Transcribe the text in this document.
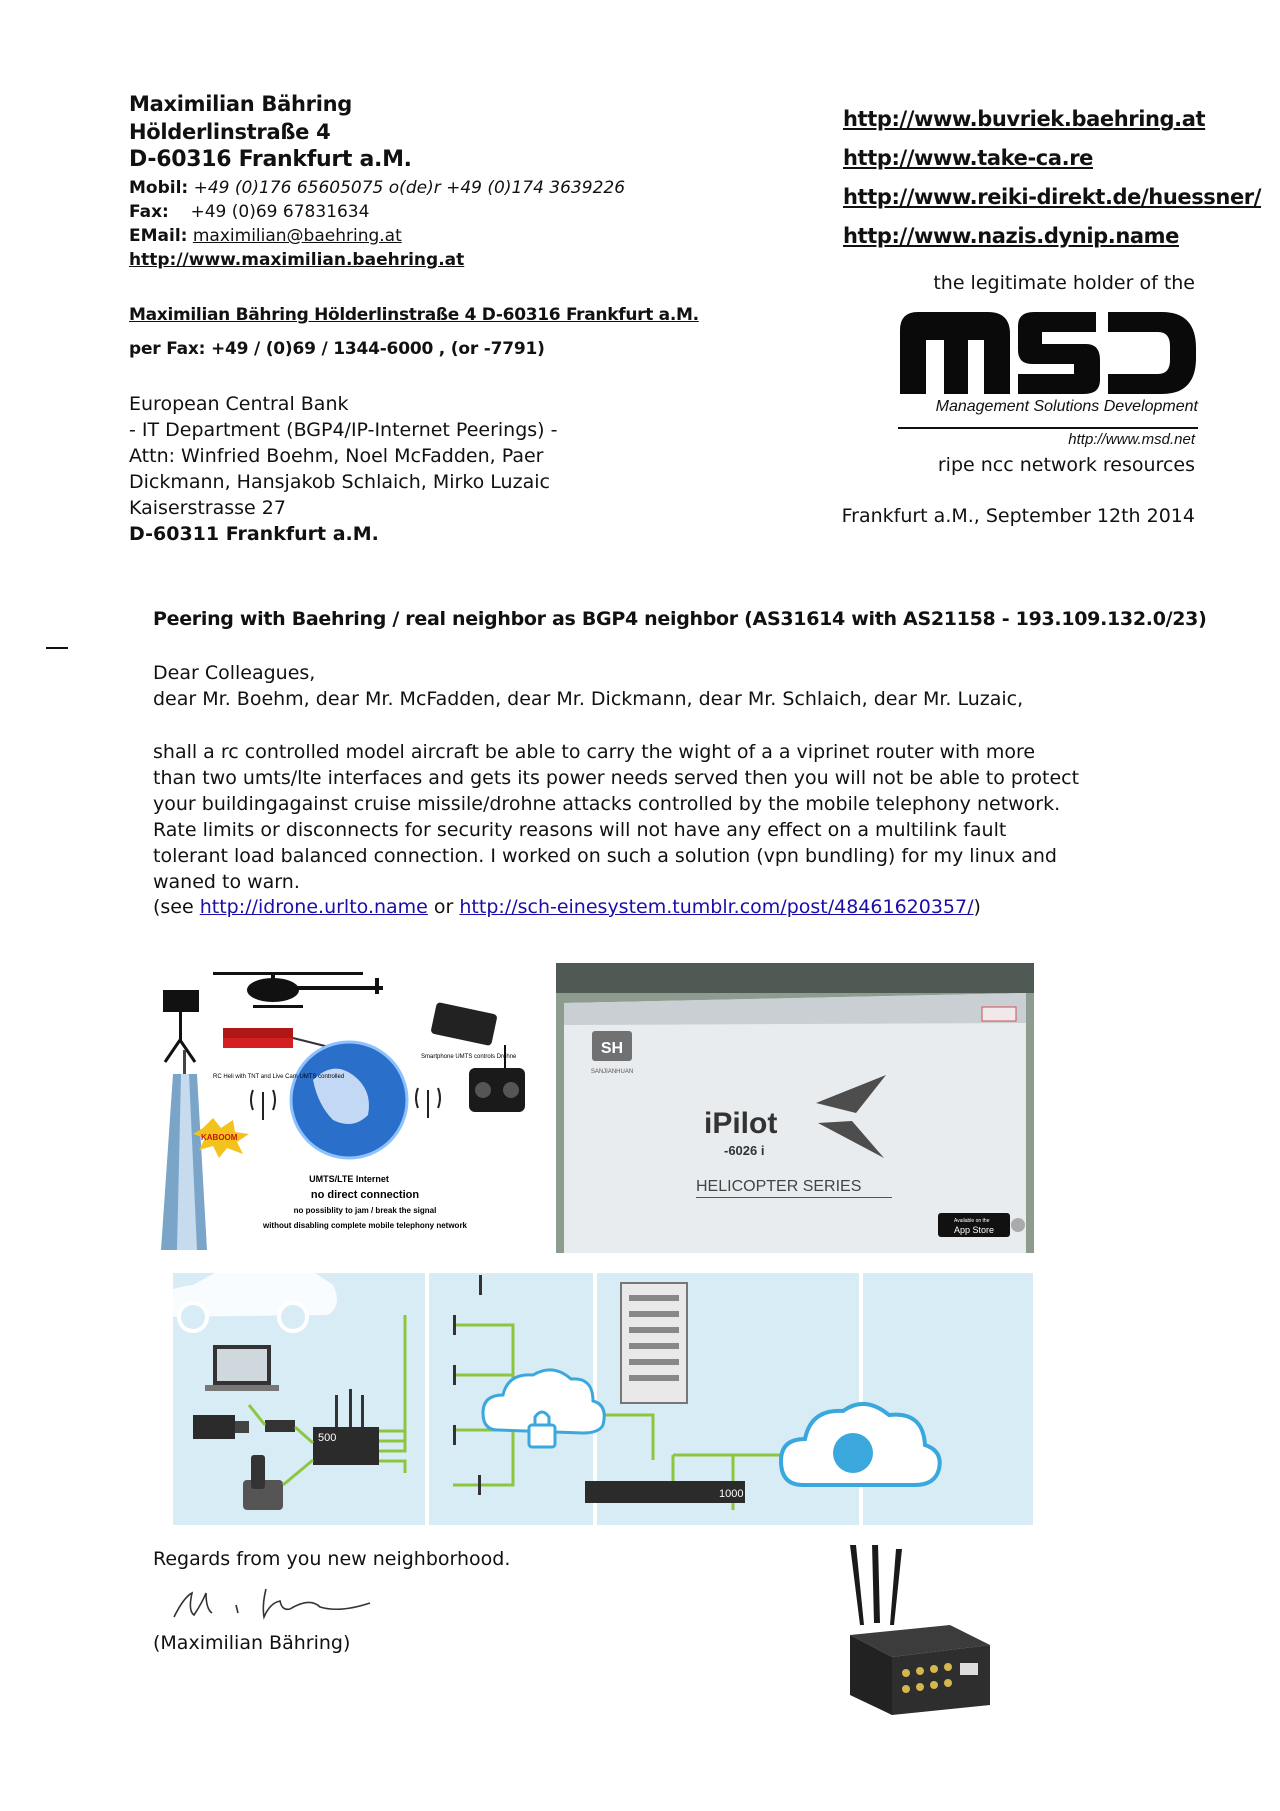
Maximilian Bähring
Hölderlinstraße 4
D-60316 Frankfurt a.M.
Mobil: +49 (0)176 65605075 o(de)r +49 (0)174 3639226
Fax: +49 (0)69 67831634
EMail: maximilian@baehring.at
http://www.maximilian.baehring.at
http://www.buvriek.baehring.at
http://www.take-ca.re
http://www.reiki-direkt.de/huessner/
http://www.nazis.dynip.name
the legitimate holder of the
Management Solutions Development
http://www.msd.net
ripe ncc network resources
Maximilian Bähring Hölderlinstraße 4 D-60316 Frankfurt a.M.
per Fax: +49 / (0)69 / 1344-6000 , (or -7791)
European Central Bank
- IT Department (BGP4/IP-Internet Peerings) -
Attn: Winfried Boehm, Noel McFadden, Paer
Dickmann, Hansjakob Schlaich, Mirko Luzaic
Kaiserstrasse 27
D-60311 Frankfurt a.M.
Frankfurt a.M., September 12th 2014
Peering with Baehring / real neighbor as BGP4 neighbor (AS31614 with AS21158 - 193.109.132.0/23)
Dear Colleagues,
dear Mr. Boehm, dear Mr. McFadden, dear Mr. Dickmann, dear Mr. Schlaich, dear Mr. Luzaic,
shall a rc controlled model aircraft be able to carry the wight of a a viprinet router with more than two umts/lte interfaces and gets its power needs served then you will not be able to protect your buildingagainst cruise missile/drohne attacks controlled by the mobile telephony network. Rate limits or disconnects for security reasons will not have any effect on a multilink fault tolerant load balanced connection. I worked on such a solution (vpn bundling) for my linux and waned to warn.
(see http://idrone.urlto.name or http://sch-einesystem.tumblr.com/post/48461620357/)
KABOOM
RC Heli with TNT and Live Cam UMTS controlled
Smartphone UMTS controls Drohne
UMTS/LTE Internet
no direct connection
no possiblity to jam / break the signal
without disabling complete mobile telephony network
SH
SANJIANHUAN
iPilot
-6026 i
HELICOPTER SERIES
Available on the
App Store
500
1000
Regards from you new neighborhood.
(Maximilian Bähring)
